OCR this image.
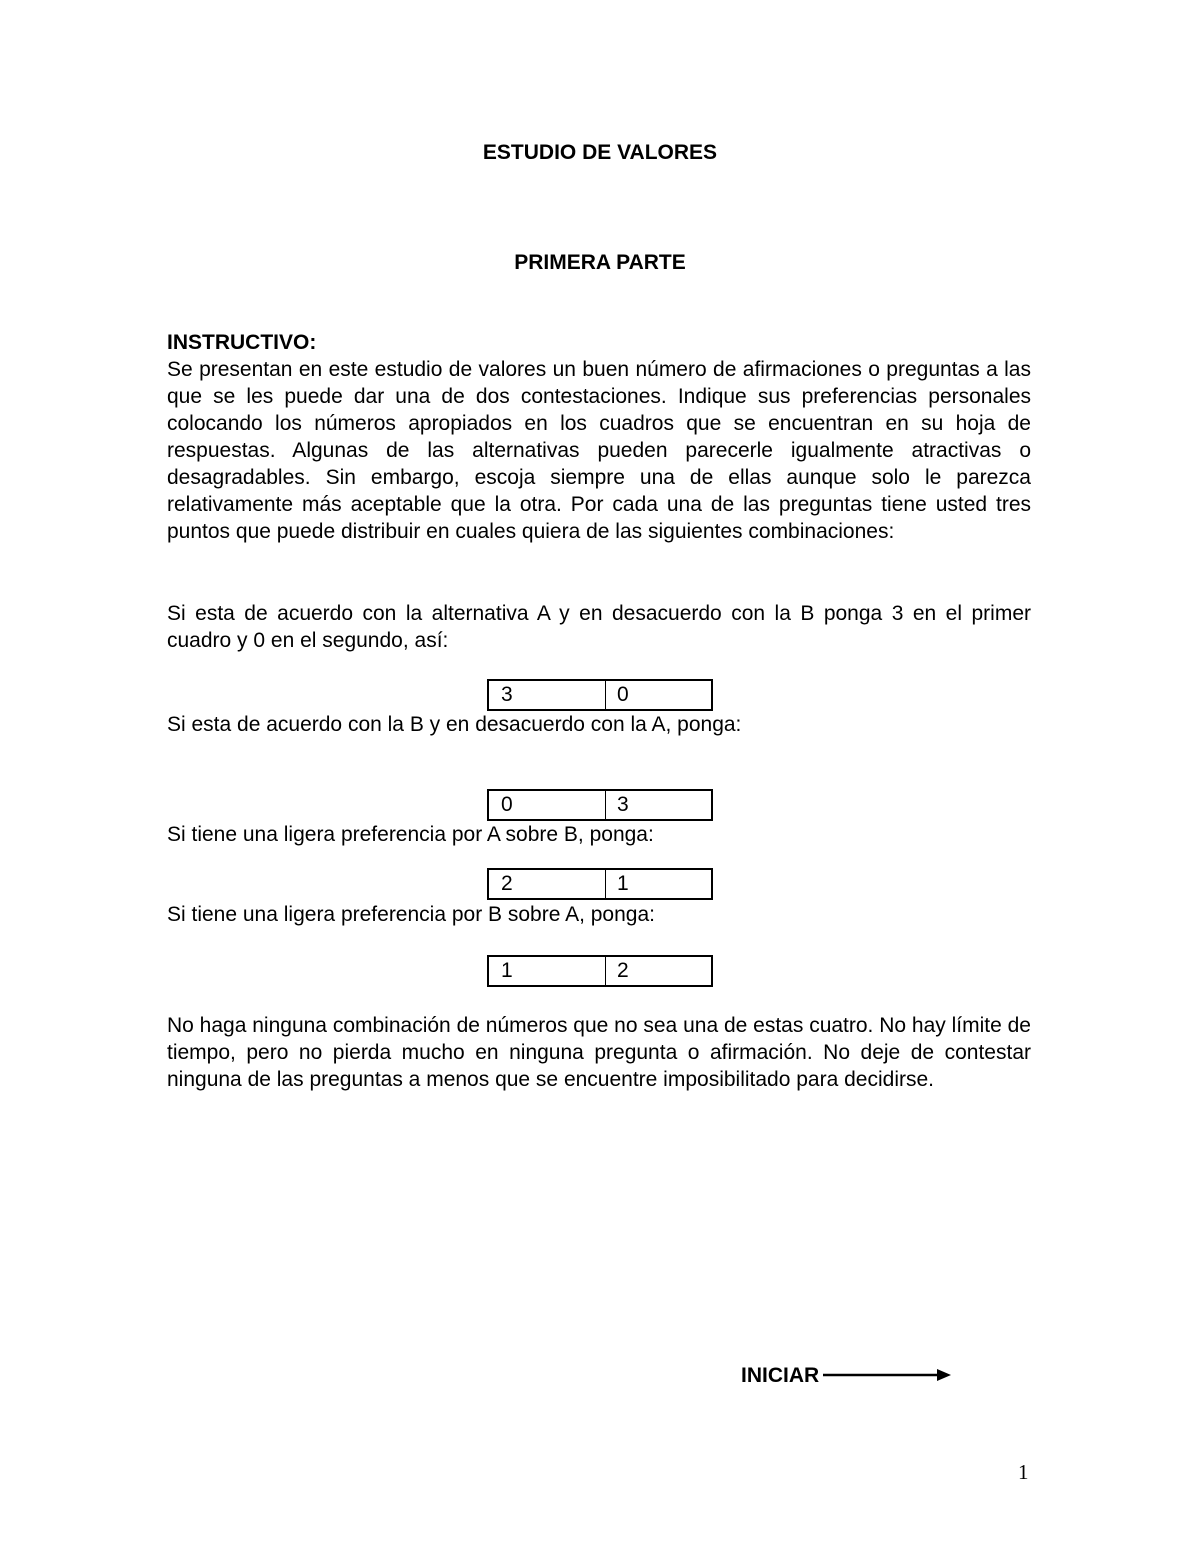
ESTUDIO DE VALORES
PRIMERA PARTE
INSTRUCTIVO:
Se presentan en este estudio de valores un buen número de afirmaciones o preguntas a las que se les puede dar una de dos contestaciones. Indique sus preferencias personales colocando los números apropiados en los cuadros que se encuentran en su hoja de respuestas. Algunas de las alternativas pueden parecerle igualmente atractivas o desagradables. Sin embargo, escoja siempre una de ellas aunque solo le parezca relativamente más aceptable que la otra. Por cada una de las preguntas tiene usted tres puntos que puede distribuir en cuales quiera de las siguientes combinaciones:
Si esta de acuerdo con la alternativa A y en desacuerdo con la B ponga 3 en el primer cuadro y 0 en el segundo, así:
3	0
Si esta de acuerdo con la B y en desacuerdo con la A, ponga:
0	3
Si tiene una ligera preferencia por A sobre B, ponga:
2	1
Si tiene una ligera preferencia por B sobre A, ponga:
1	2
No haga ninguna combinación de números que no sea una de estas cuatro. No hay límite de tiempo, pero no pierda mucho en ninguna pregunta o afirmación. No deje de contestar ninguna de las preguntas a menos que se encuentre imposibilitado para decidirse.
INICIAR
1
